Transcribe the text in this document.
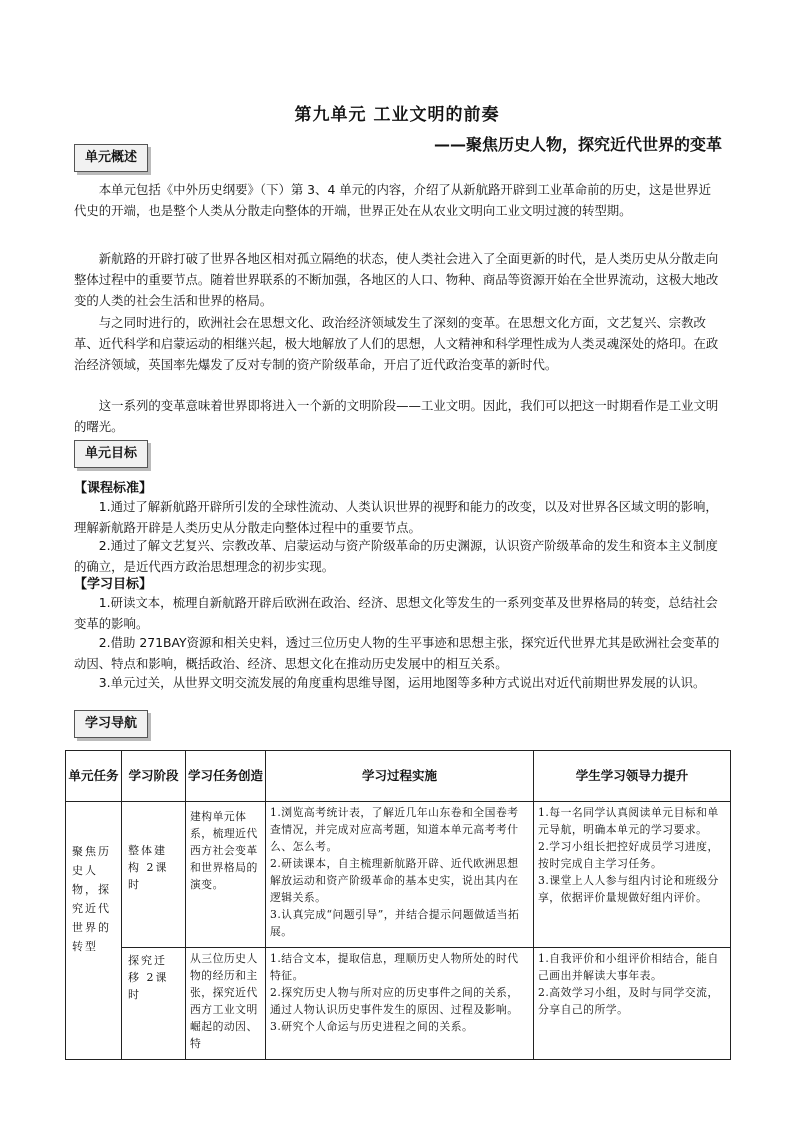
第九单元 工业文明的前奏
——聚焦历史人物，探究近代世界的变革
单元概述

本单元包括《中外历史纲要》（下）第 3、4 单元的内容，介绍了从新航路开辟到工业革命前的历史，这是世界近代史的开端，也是整个人类从分散走向整体的开端，世界正处在从农业文明向工业文明过渡的转型期。

新航路的开辟打破了世界各地区相对孤立隔绝的状态，使人类社会进入了全面更新的时代，是人类历史从分散走向整体过程中的重要节点。随着世界联系的不断加强，各地区的人口、物种、商品等资源开始在全世界流动，这极大地改变的人类的社会生活和世界的格局。

与之同时进行的，欧洲社会在思想文化、政治经济领域发生了深刻的变革。在思想文化方面，文艺复兴、宗教改革、近代科学和启蒙运动的相继兴起，极大地解放了人们的思想，人文精神和科学理性成为人类灵魂深处的烙印。在政治经济领域，英国率先爆发了反对专制的资产阶级革命，开启了近代政治变革的新时代。

这一系列的变革意味着世界即将进入一个新的文明阶段——工业文明。因此，我们可以把这一时期看作是工业文明的曙光。

单元目标
【课程标准】

1.通过了解新航路开辟所引发的全球性流动、人类认识世界的视野和能力的改变，以及对世界各区域文明的影响，理解新航路开辟是人类历史从分散走向整体过程中的重要节点。

2.通过了解文艺复兴、宗教改革、启蒙运动与资产阶级革命的历史渊源，认识资产阶级革命的发生和资本主义制度的确立，是近代西方政治思想理念的初步实现。

【学习目标】

1.研读文本，梳理自新航路开辟后欧洲在政治、经济、思想文化等发生的一系列变革及世界格局的转变，总结社会变革的影响。

2.借助 271BAY资源和相关史料，透过三位历史人物的生平事迹和思想主张，探究近代世界尤其是欧洲社会变革的动因、特点和影响，概括政治、经济、思想文化在推动历史发展中的相互关系。

3.单元过关，从世界文明交流发展的角度重构思维导图，运用地图等多种方式说出对近代前期世界发展的认识。

学习导航
单元任务	学习阶段	学习任务创造	学习过程实施	学生学习领导力提升
聚焦历史人物，探究近代世界的转型	整体建构 2课时	建构单元体系，梳理近代西方社会变革和世界格局的演变。	1.浏览高考统计表，了解近几年山东卷和全国卷考查情况，并完成对应高考题，知道本单元高考考什么、怎么考。
2.研读课本，自主梳理新航路开辟、近代欧洲思想解放运动和资产阶级革命的基本史实，说出其内在逻辑关系。
3.认真完成“问题引导”，并结合提示问题做适当拓展。	1.每一名同学认真阅读单元目标和单元导航，明确本单元的学习要求。
2.学习小组长把控好成员学习进度，按时完成自主学习任务。
3.课堂上人人参与组内讨论和班级分享，依据评价量规做好组内评价。
	探究迁移 2课时	从三位历史人物的经历和主张，探究近代西方工业文明崛起的动因、特	1.结合文本，提取信息，理顺历史人物所处的时代特征。
2.探究历史人物与所对应的历史事件之间的关系，通过人物认识历史事件发生的原因、过程及影响。
3.研究个人命运与历史进程之间的关系。	1.自我评价和小组评价相结合，能自己画出并解读大事年表。
2.高效学习小组，及时与同学交流，分享自己的所学。
